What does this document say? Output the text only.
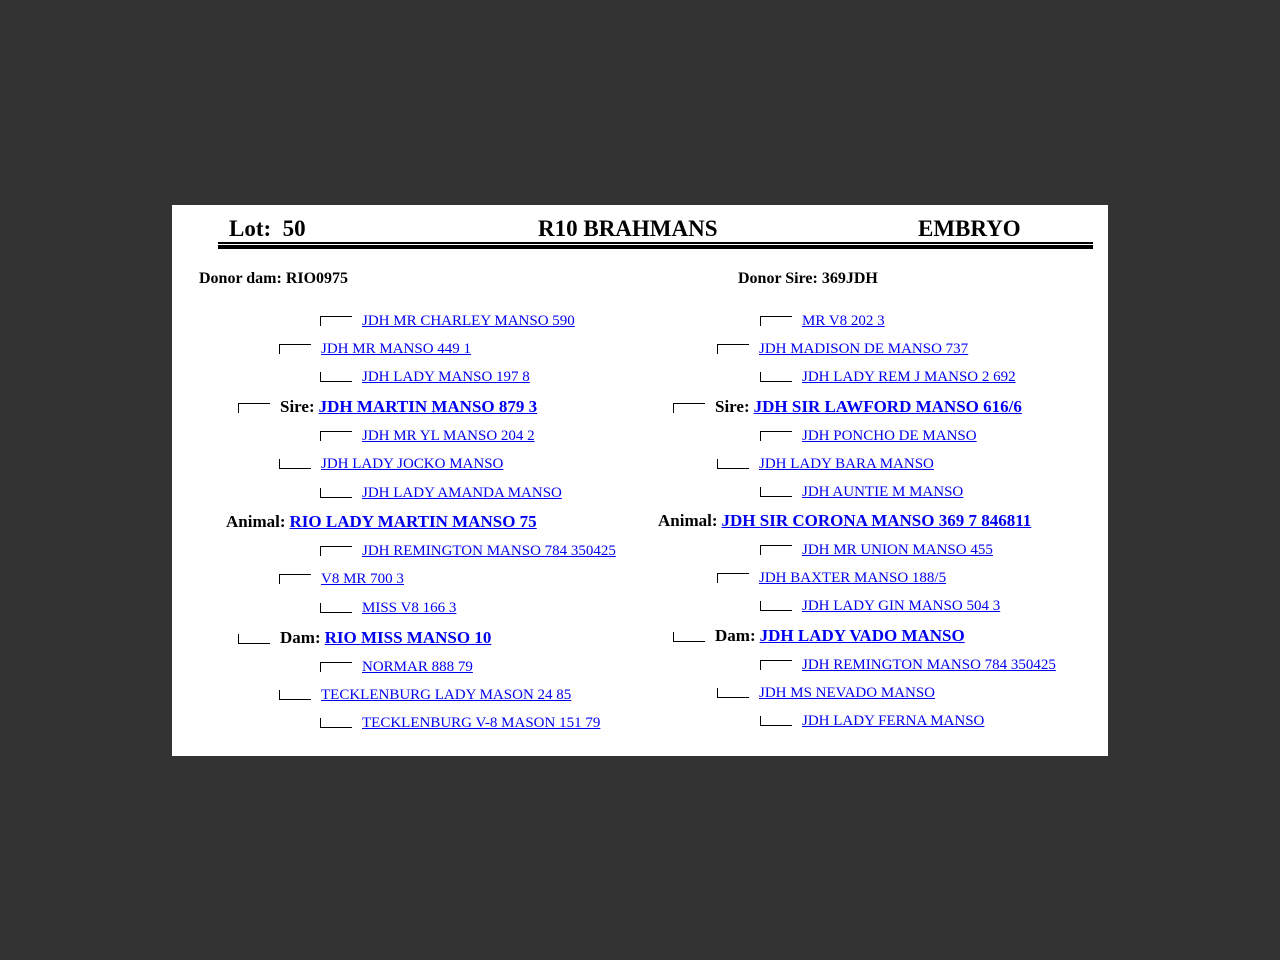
Lot:  50	R10 BRAHMANS	EMBRYO
Donor dam: RIO0975	Donor Sire: 369JDH
JDH MR CHARLEY MANSO 590
JDH MR MANSO 449 1
JDH LADY MANSO 197 8
Sire: JDH MARTIN MANSO 879 3
JDH MR YL MANSO 204 2
JDH LADY JOCKO MANSO
JDH LADY AMANDA MANSO
Animal: RIO LADY MARTIN MANSO 75
JDH REMINGTON MANSO 784 350425
V8 MR 700 3
MISS V8 166 3
Dam: RIO MISS MANSO 10
NORMAR 888 79
TECKLENBURG LADY MASON 24 85
TECKLENBURG V-8 MASON 151 79
MR V8 202 3
JDH MADISON DE MANSO 737
JDH LADY REM J MANSO 2 692
Sire: JDH SIR LAWFORD MANSO 616/6
JDH PONCHO DE MANSO
JDH LADY BARA MANSO
JDH AUNTIE M MANSO
Animal: JDH SIR CORONA MANSO 369 7 846811
JDH MR UNION MANSO 455
JDH BAXTER MANSO 188/5
JDH LADY GIN MANSO 504 3
Dam: JDH LADY VADO MANSO
JDH REMINGTON MANSO 784 350425
JDH MS NEVADO MANSO
JDH LADY FERNA MANSO
